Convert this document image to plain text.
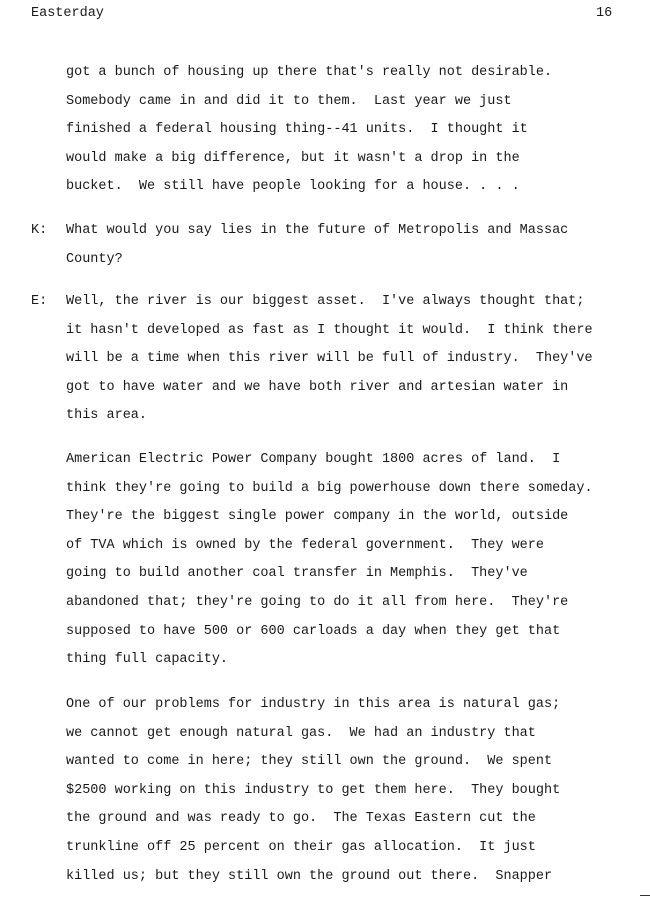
Easterday	16
got a bunch of housing up there that's really not desirable.
Somebody came in and did it to them.  Last year we just
finished a federal housing thing--41 units.  I thought it
would make a big difference, but it wasn't a drop in the
bucket.  We still have people looking for a house. . . .
K: What would you say lies in the future of Metropolis and Massac
County?
E: Well, the river is our biggest asset.  I've always thought that;
it hasn't developed as fast as I thought it would.  I think there
will be a time when this river will be full of industry.  They've
got to have water and we have both river and artesian water in
this area.
American Electric Power Company bought 1800 acres of land.  I
think they're going to build a big powerhouse down there someday.
They're the biggest single power company in the world, outside
of TVA which is owned by the federal government.  They were
going to build another coal transfer in Memphis.  They've
abandoned that; they're going to do it all from here.  They're
supposed to have 500 or 600 carloads a day when they get that
thing full capacity.
One of our problems for industry in this area is natural gas;
we cannot get enough natural gas.  We had an industry that
wanted to come in here; they still own the ground.  We spent
$2500 working on this industry to get them here.  They bought
the ground and was ready to go.  The Texas Eastern cut the
trunkline off 25 percent on their gas allocation.  It just
killed us; but they still own the ground out there.  Snapper
